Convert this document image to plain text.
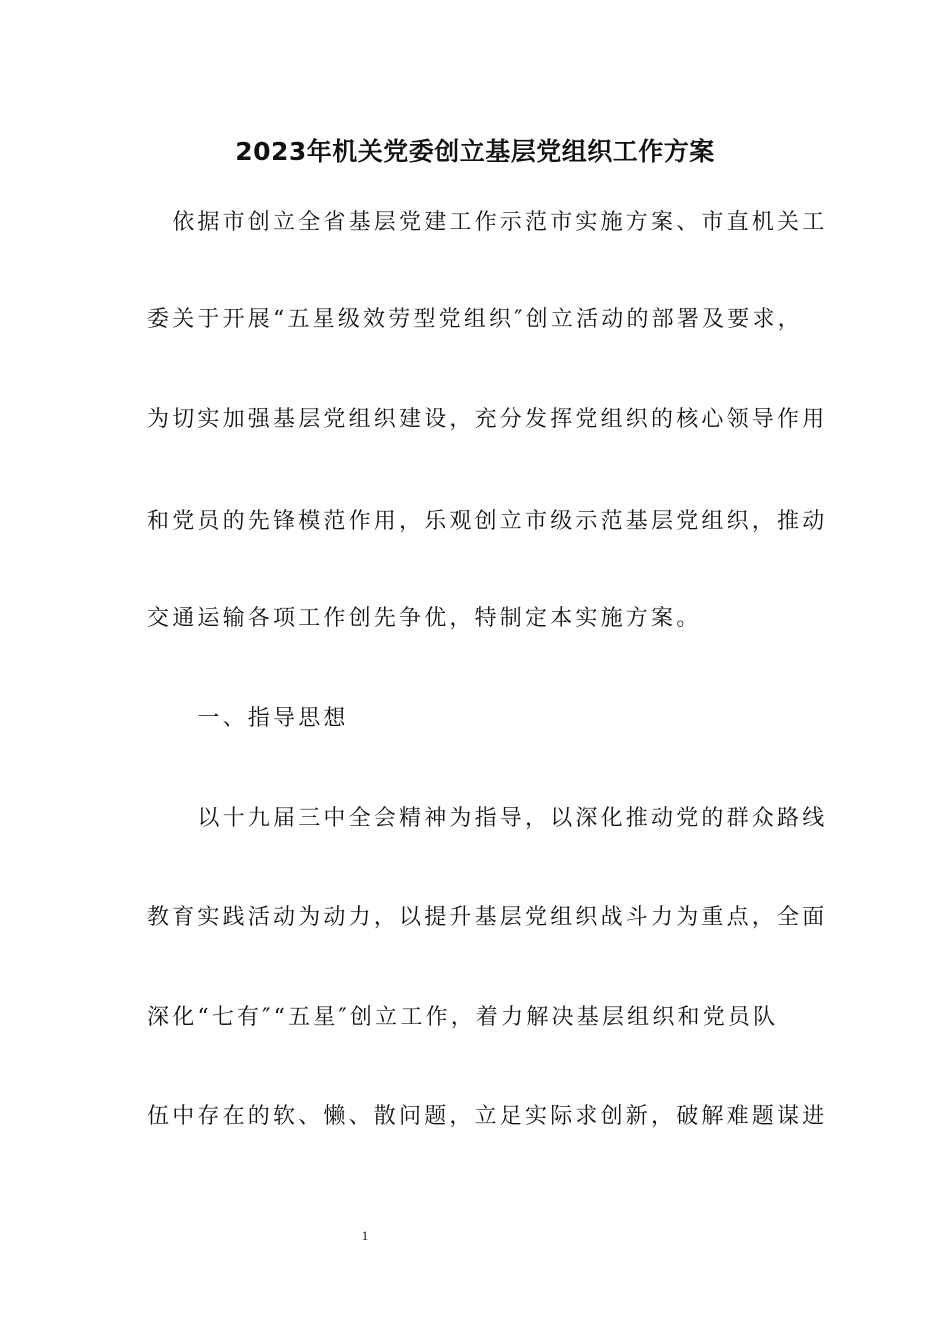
2023年机关党委创立基层党组织工作方案
　依据市创立全省基层党建工作示范市实施方案、市直机关工
委关于开展“五星级效劳型党组织″创立活动的部署及要求，
为切实加强基层党组织建设，充分发挥党组织的核心领导作用
和党员的先锋模范作用，乐观创立市级示范基层党组织，推动
交通运输各项工作创先争优，特制定本实施方案。
　　一、指导思想
　　以十九届三中全会精神为指导，以深化推动党的群众路线
教育实践活动为动力，以提升基层党组织战斗力为重点，全面
深化“七有″“五星″创立工作，着力解决基层组织和党员队
伍中存在的软、懒、散问题，立足实际求创新，破解难题谋进
1
